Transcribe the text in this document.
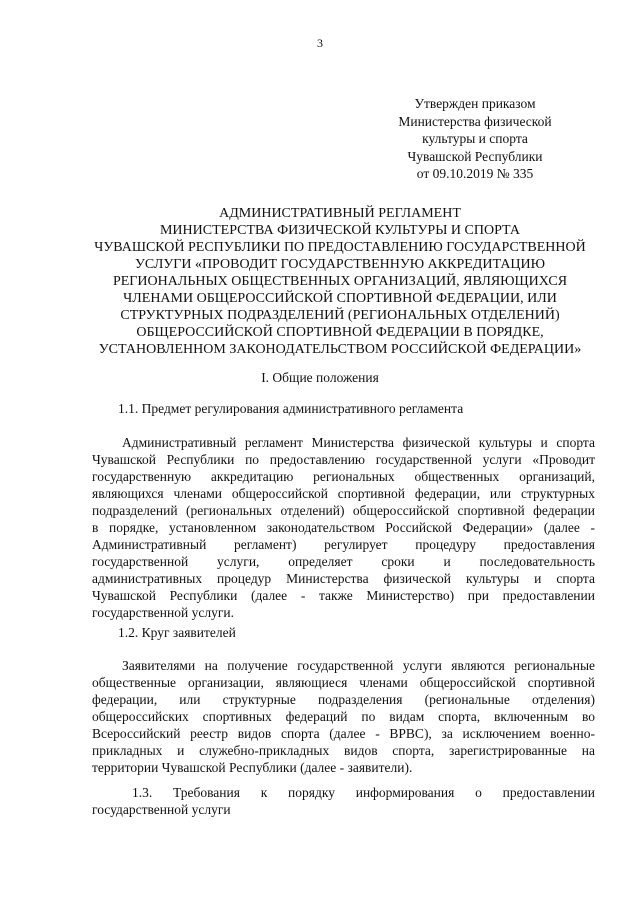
3
Утвержден приказом
Министерства физической
культуры и спорта
Чувашской Республики
от 09.10.2019 № 335
АДМИНИСТРАТИВНЫЙ РЕГЛАМЕНТ
МИНИСТЕРСТВА ФИЗИЧЕСКОЙ КУЛЬТУРЫ И СПОРТА
ЧУВАШСКОЙ РЕСПУБЛИКИ ПО ПРЕДОСТАВЛЕНИЮ ГОСУДАРСТВЕННОЙ
УСЛУГИ «ПРОВОДИТ ГОСУДАРСТВЕННУЮ АККРЕДИТАЦИЮ
РЕГИОНАЛЬНЫХ ОБЩЕСТВЕННЫХ ОРГАНИЗАЦИЙ, ЯВЛЯЮЩИХСЯ
ЧЛЕНАМИ ОБЩЕРОССИЙСКОЙ СПОРТИВНОЙ ФЕДЕРАЦИИ, ИЛИ
СТРУКТУРНЫХ ПОДРАЗДЕЛЕНИЙ (РЕГИОНАЛЬНЫХ ОТДЕЛЕНИЙ)
ОБЩЕРОССИЙСКОЙ СПОРТИВНОЙ ФЕДЕРАЦИИ В ПОРЯДКЕ,
УСТАНОВЛЕННОМ ЗАКОНОДАТЕЛЬСТВОМ РОССИЙСКОЙ ФЕДЕРАЦИИ»
I. Общие положения
1.1. Предмет регулирования административного регламента
Административный регламент Министерства физической культуры и спорта
Чувашской Республики по предоставлению государственной услуги «Проводит
государственную аккредитацию региональных общественных организаций,
являющихся членами общероссийской спортивной федерации, или структурных
подразделений (региональных отделений) общероссийской спортивной федерации
в порядке, установленном законодательством Российской Федерации» (далее -
Административный регламент) регулирует процедуру предоставления
государственной услуги, определяет сроки и последовательность
административных процедур Министерства физической культуры и спорта
Чувашской Республики (далее - также Министерство) при предоставлении
государственной услуги.
1.2. Круг заявителей
Заявителями на получение государственной услуги являются региональные
общественные организации, являющиеся членами общероссийской спортивной
федерации, или структурные подразделения (региональные отделения)
общероссийских спортивных федераций по видам спорта, включенным во
Всероссийский реестр видов спорта (далее - ВРВС), за исключением военно-
прикладных и служебно-прикладных видов спорта, зарегистрированные на
территории Чувашской Республики (далее - заявители).
1.3. Требования к порядку информирования о предоставлении
государственной услуги
